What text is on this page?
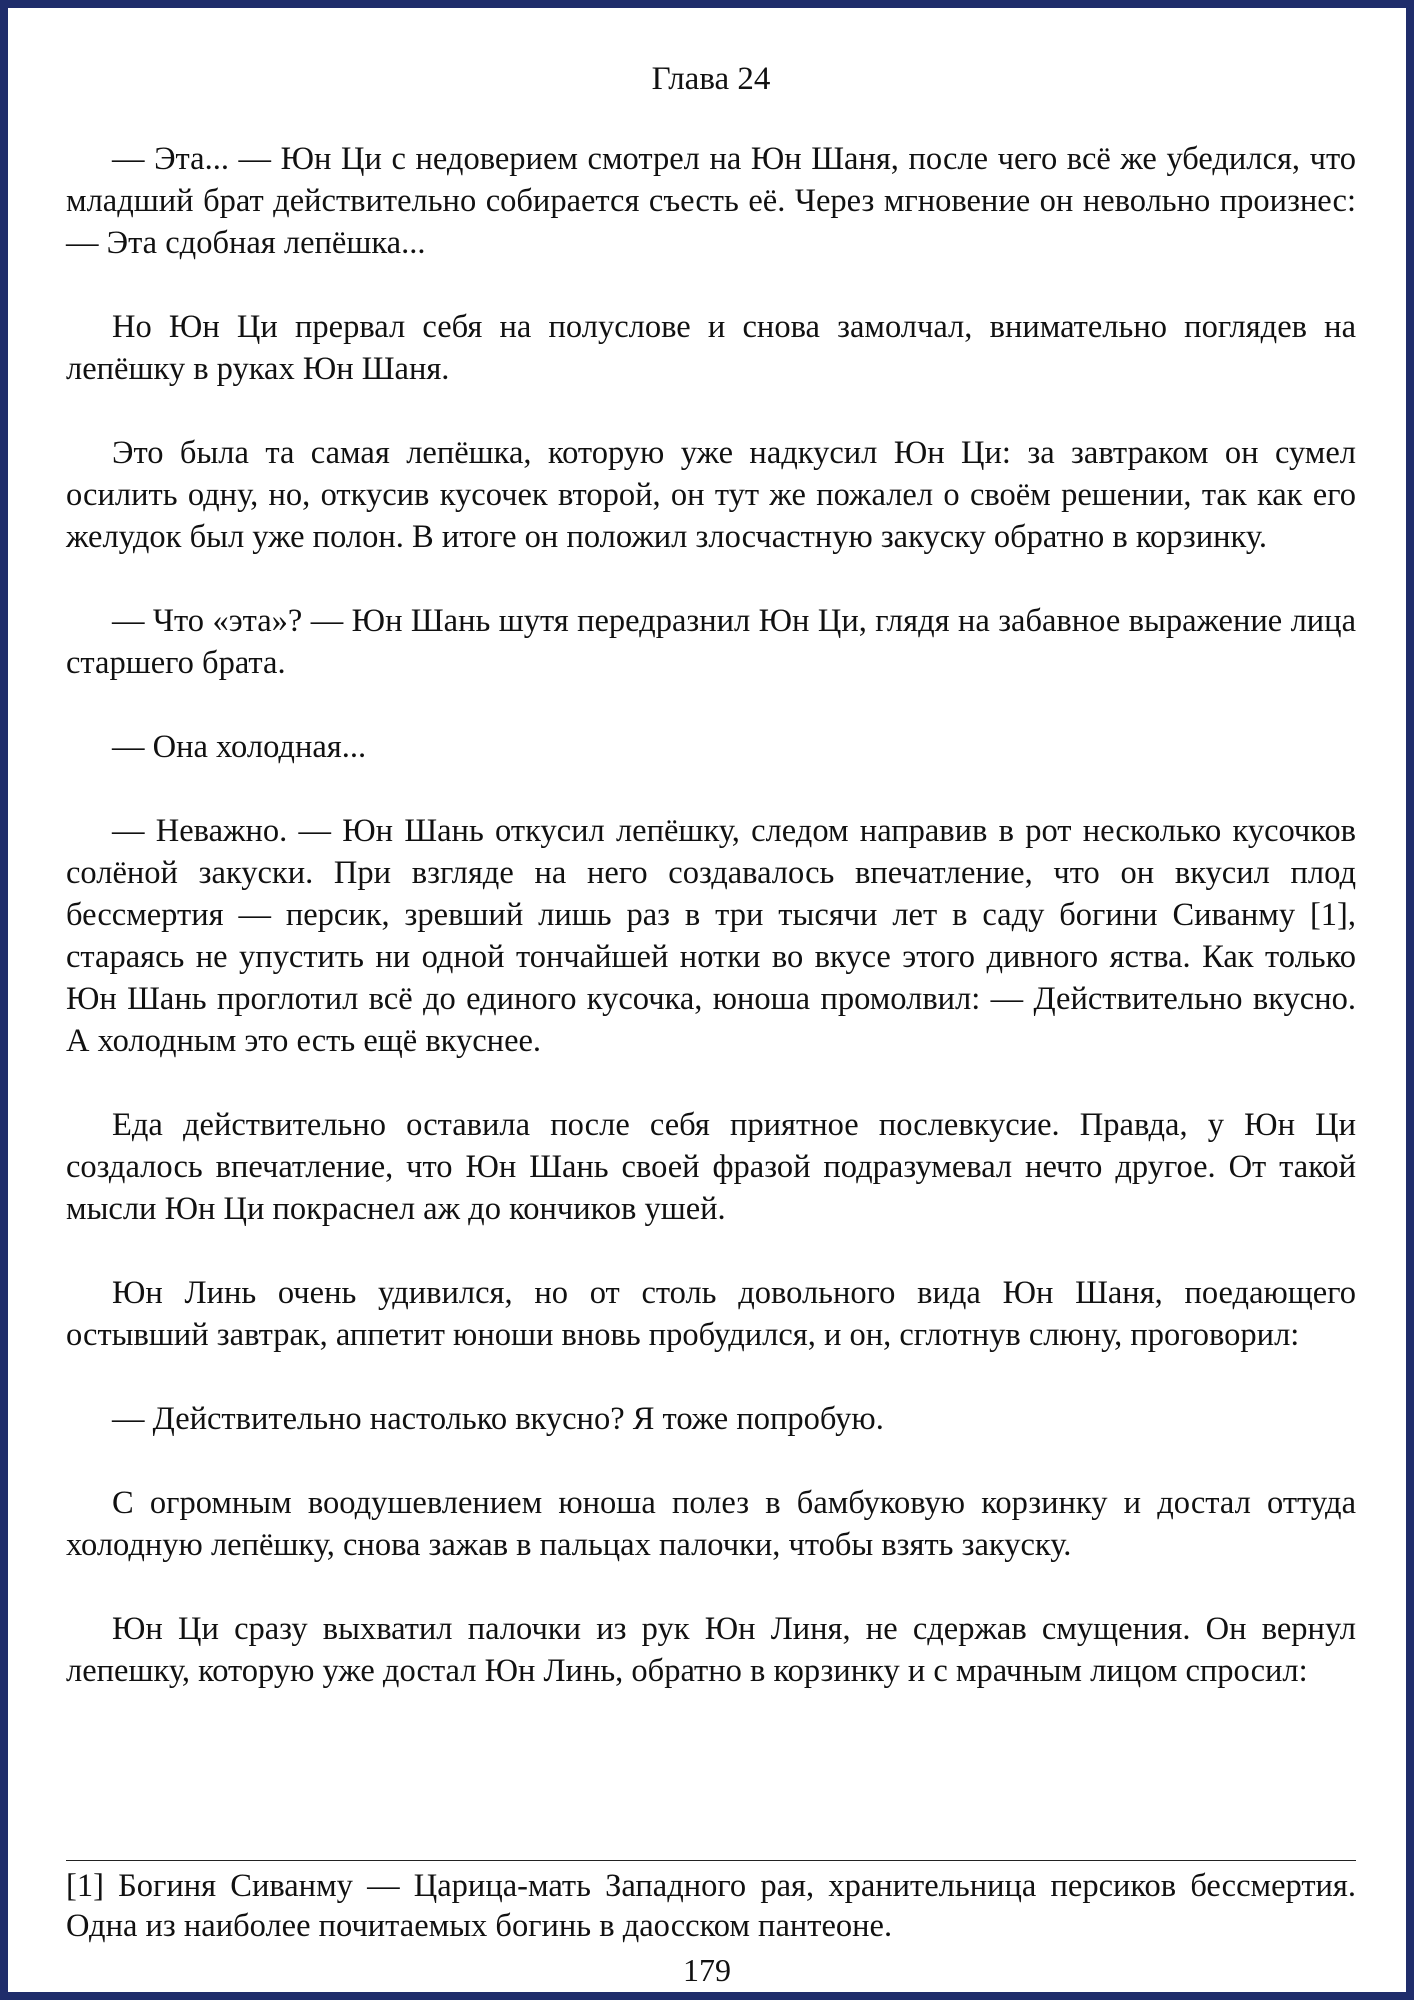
Глава 24

— Эта... — Юн Ци с недоверием смотрел на Юн Шаня, после чего всё же убедился, что младший брат действительно собирается съесть её. Через мгновение он невольно произнес: — Эта сдобная лепёшка...

Но Юн Ци прервал себя на полуслове и снова замолчал, внимательно поглядев на лепёшку в руках Юн Шаня.

Это была та самая лепёшка, которую уже надкусил Юн Ци: за завтраком он сумел осилить одну, но, откусив кусочек второй, он тут же пожалел о своём решении, так как его желудок был уже полон. В итоге он положил злосчастную закуску обратно в корзинку.

— Что «эта»? — Юн Шань шутя передразнил Юн Ци, глядя на забавное выражение лица старшего брата.

— Она холодная...

— Неважно. — Юн Шань откусил лепёшку, следом направив в рот несколько кусочков солёной закуски. При взгляде на него создавалось впечатление, что он вкусил плод бессмертия — персик, зревший лишь раз в три тысячи лет в саду богини Сиванму [1], стараясь не упустить ни одной тончайшей нотки во вкусе этого дивного яства. Как только Юн Шань проглотил всё до единого кусочка, юноша промолвил: — Действительно вкусно. А холодным это есть ещё вкуснее.

Еда действительно оставила после себя приятное послевкусие. Правда, у Юн Ци создалось впечатление, что Юн Шань своей фразой подразумевал нечто другое. От такой мысли Юн Ци покраснел аж до кончиков ушей.

Юн Линь очень удивился, но от столь довольного вида Юн Шаня, поедающего остывший завтрак, аппетит юноши вновь пробудился, и он, сглотнув слюну, проговорил:

— Действительно настолько вкусно? Я тоже попробую.

С огромным воодушевлением юноша полез в бамбуковую корзинку и достал оттуда холодную лепёшку, снова зажав в пальцах палочки, чтобы взять закуску.

Юн Ци сразу выхватил палочки из рук Юн Линя, не сдержав смущения. Он вернул лепешку, которую уже достал Юн Линь, обратно в корзинку и с мрачным лицом спросил:

[1] Богиня Сиванму — Царица-мать Западного рая, хранительница персиков бессмертия. Одна из наиболее почитаемых богинь в даосском пантеоне.
179
